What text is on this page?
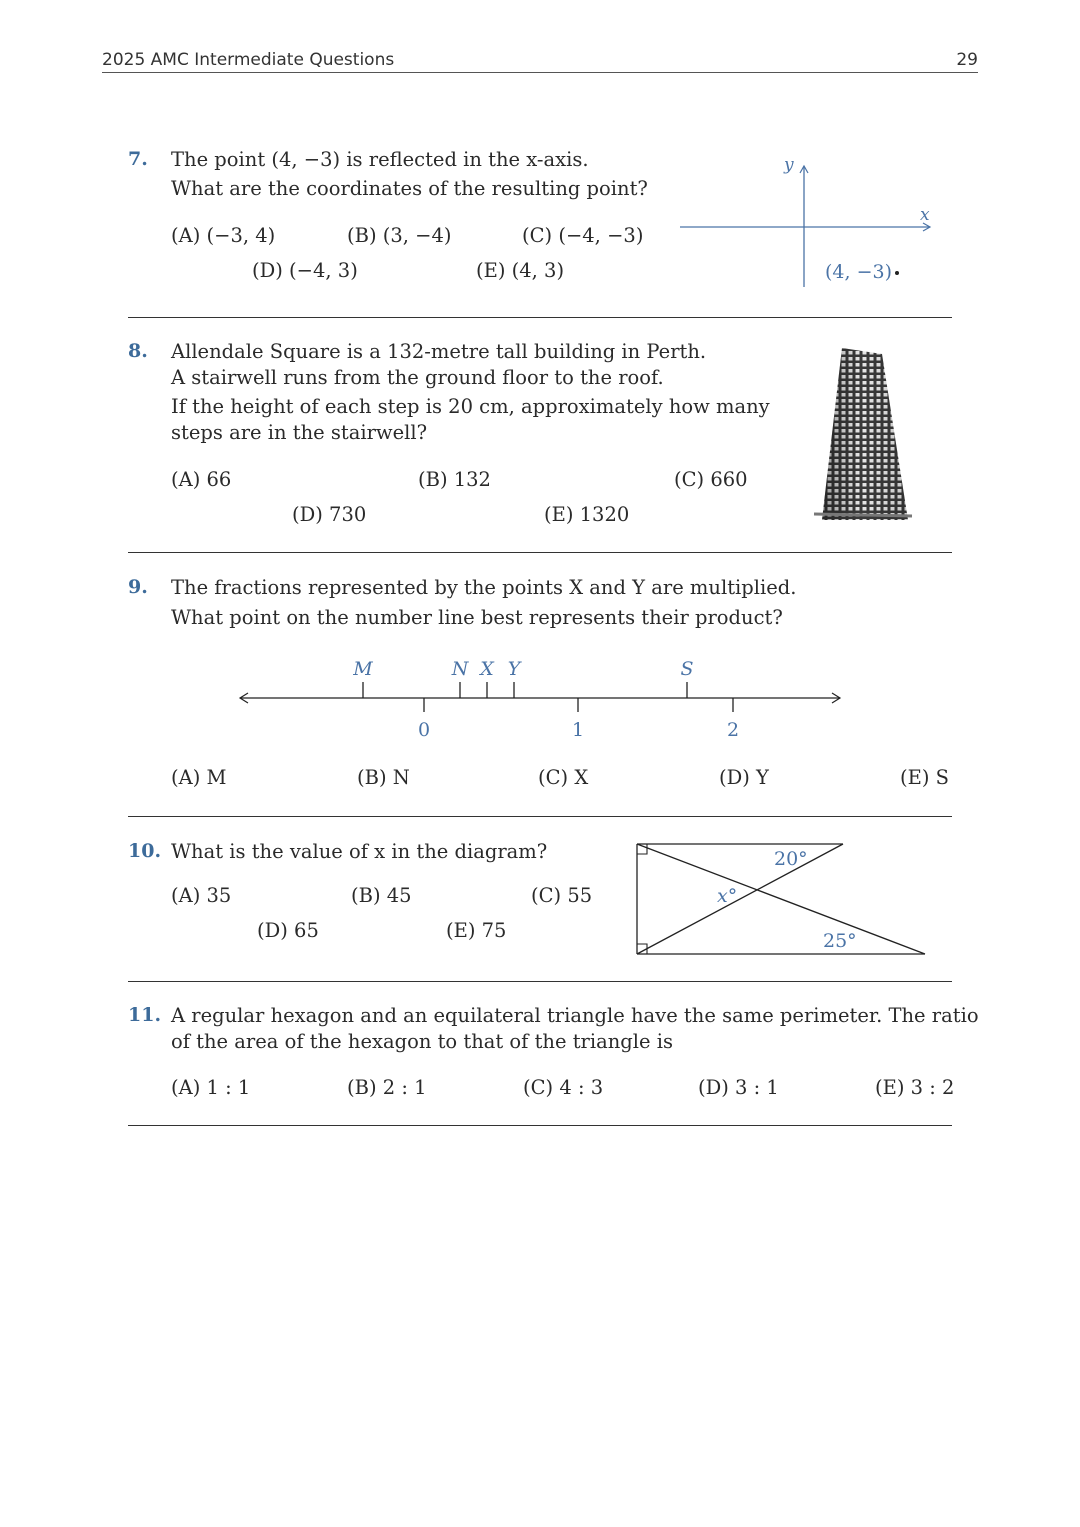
2025 AMC Intermediate Questions	29
7. The point (4, −3) is reflected in the x-axis.
What are the coordinates of the resulting point?
(A) (−3, 4)	(B) (3, −4)	(C) (−4, −3)
(D) (−4, 3)	(E) (4, 3)
x
y
(4, −3)
8. Allendale Square is a 132-metre tall building in Perth.
A stairwell runs from the ground floor to the roof.
If the height of each step is 20 cm, approximately how many
steps are in the stairwell?
(A) 66	(B) 132	(C) 660
(D) 730	(E) 1320
9. The fractions represented by the points X and Y are multiplied.
What point on the number line best represents their product?
M	N X Y	S
0	1	2
(A) M	(B) N	(C) X	(D) Y	(E) S
10. What is the value of x in the diagram?
(A) 35	(B) 45	(C) 55
(D) 65	(E) 75
20°
x°
25°
11. A regular hexagon and an equilateral triangle have the same perimeter. The ratio
of the area of the hexagon to that of the triangle is
(A) 1 : 1	(B) 2 : 1	(C) 4 : 3	(D) 3 : 1	(E) 3 : 2
